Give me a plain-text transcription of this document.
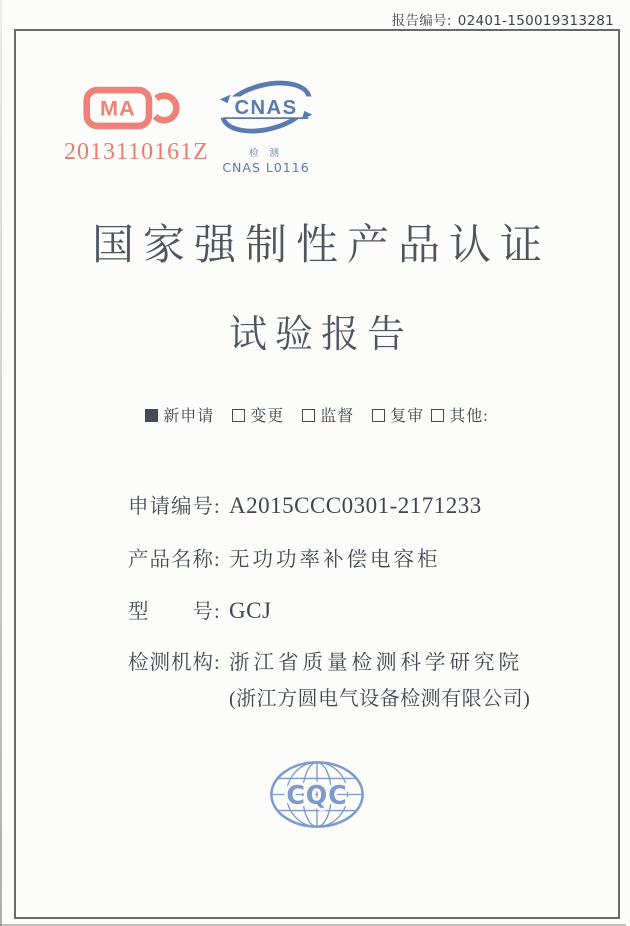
报告编号: 02401-150019313281
MA
2013110161Z
CNAS
检 测
CNAS L0116
国家强制性产品认证
试验报告
新申请 变更 监督 复审 其他:
申请编号: A2015CCC0301-2171233
产品名称: 无功功率补偿电容柜
型　　号: GCJ
检测机构: 浙江省质量检测科学研究院
(浙江方圆电气设备检测有限公司)
CQC
